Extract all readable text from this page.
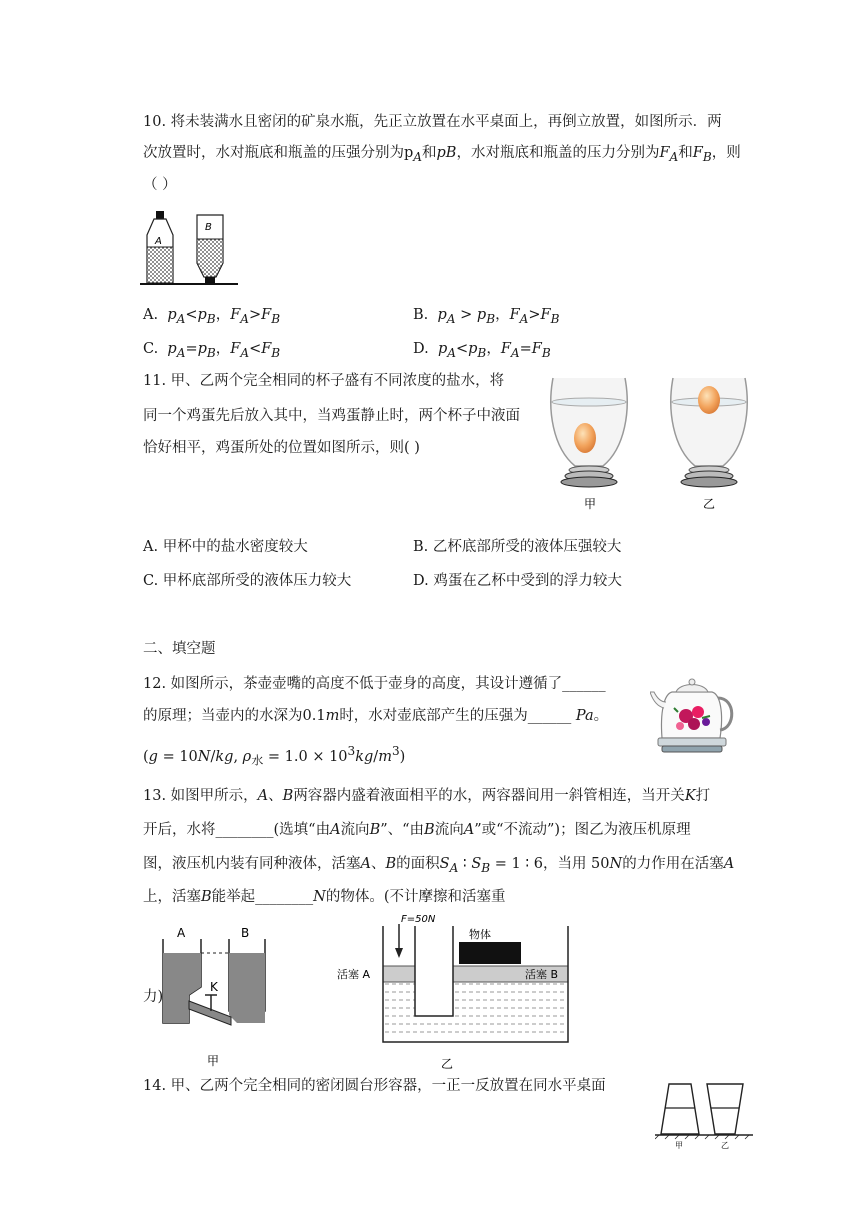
10. 将未装满水且密闭的矿泉水瓶，先正立放置在水平桌面上，再倒立放置，如图所示．两
次放置时，水对瓶底和瓶盖的压强分别为$p_A$和pB，水对瓶底和瓶盖的压力分别为$F_A$和$F_B$，则
（ ）
A
B
A.  $p_A<p_B$，$F_A>F_B$	B.  $p_A > p_B$，$F_A>F_B$
C.  $p_A=p_B$，$F_A<F_B$	D.  $p_A<p_B$，$F_A=F_B$
11. 甲、乙两个完全相同的杯子盛有不同浓度的盐水，将
同一个鸡蛋先后放入其中，当鸡蛋静止时，两个杯子中液面
恰好相平，鸡蛋所处的位置如图所示，则( )
甲	乙
A. 甲杯中的盐水密度较大	B. 乙杯底部所受的液体压强较大
C. 甲杯底部所受的液体压力较大	D. 鸡蛋在乙杯中受到的浮力较大
二、填空题
12. 如图所示，茶壶壶嘴的高度不低于壶身的高度，其设计遵循了______
的原理；当壶内的水深为0.1m时，水对壶底部产生的压强为______ Pa。
(g = 10N/kg, $\rho_水 = 1.0 \times 10^3kg/m^3$)
13. 如图甲所示，A、B两容器内盛着液面相平的水，两容器间用一斜管相连，当开关K打
开后，水将________(选填“由A流向B”、“由B流向A”或“不流动”)；图乙为液压机原理
图，液压机内装有同种液体，活塞A、B的面积$S_A$ ∶ $S_B = 1$ ∶ 6，当用 50N的力作用在活塞A
上，活塞B能举起________N的物体。(不计摩擦和活塞重
力)
A	B
K
甲
F=50N
物体
活塞 A	活塞 B
乙
14. 甲、乙两个完全相同的密闭圆台形容器，一正一反放置在同水平桌面
甲	乙
